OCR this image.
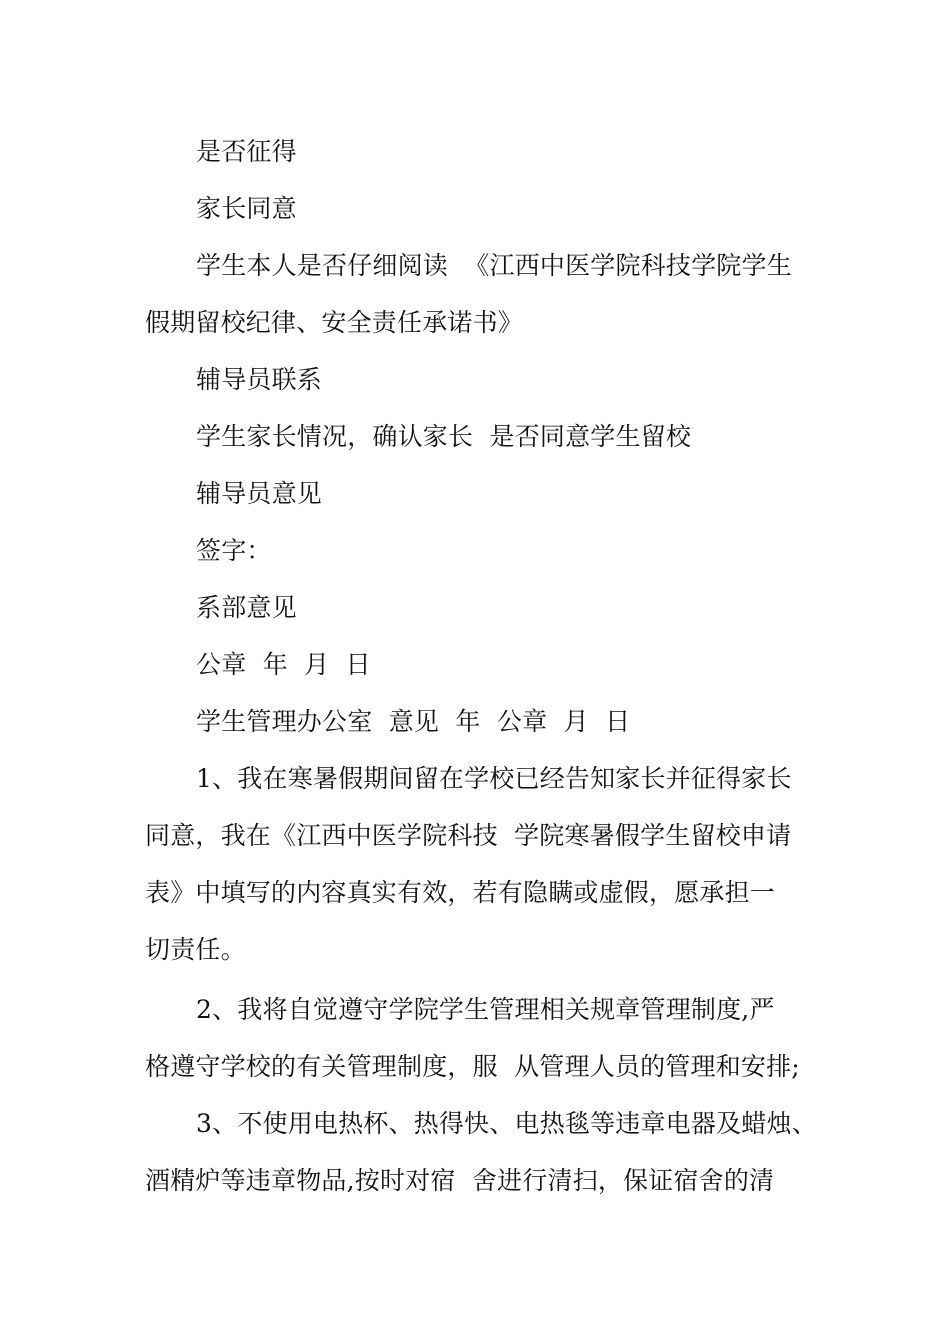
是否征得
家长同意
学生本人是否仔细阅读  《江西中医学院科技学院学生
假期留校纪律、安全责任承诺书》
辅导员联系
学生家长情况，确认家长  是否同意学生留校
辅导员意见
签字：
系部意见
公章  年  月  日
学生管理办公室  意见  年  公章  月  日
1、我在寒暑假期间留在学校已经告知家长并征得家长
同意，我在《江西中医学院科技  学院寒暑假学生留校申请
表》中填写的内容真实有效，若有隐瞒或虚假，愿承担一
切责任。
2、我将自觉遵守学院学生管理相关规章管理制度,严
格遵守学校的有关管理制度，服  从管理人员的管理和安排;
3、不使用电热杯、热得快、电热毯等违章电器及蜡烛、
酒精炉等违章物品,按时对宿  舍进行清扫，保证宿舍的清
